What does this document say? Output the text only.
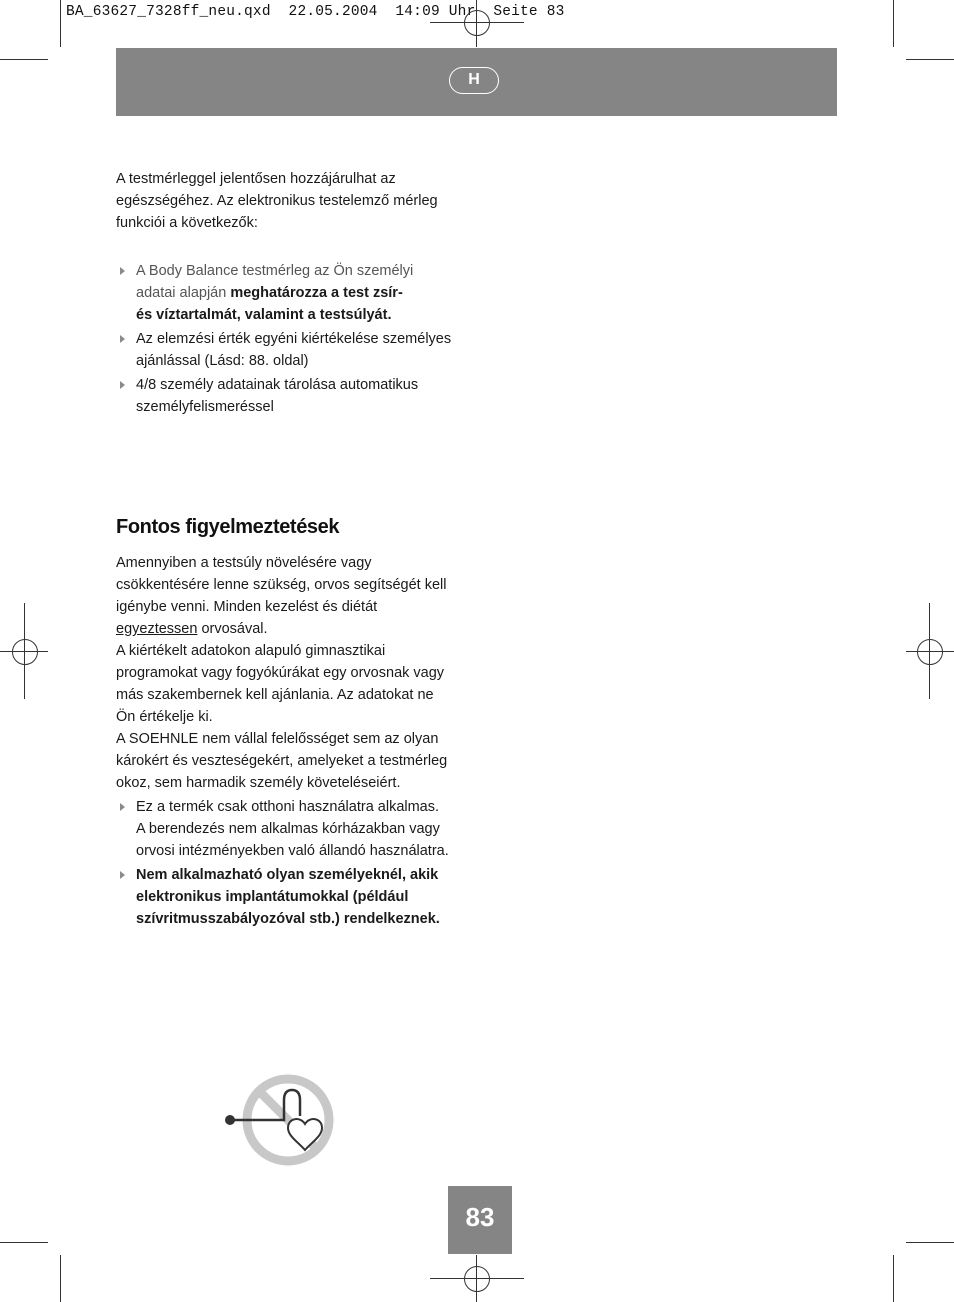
BA_63627_7328ff_neu.qxd 22.05.2004 14:09 Uhr Seite 83
H
A testmérleggel jelentősen hozzájárulhat az
egészségéhez. Az elektronikus testelemző mérleg
funkciói a következők:
A Body Balance testmérleg az Ön személyi
adatai alapján meghatározza a test zsír-
és víztartalmát, valamint a testsúlyát.
Az elemzési érték egyéni kiértékelése személyes
ajánlással (Lásd: 88. oldal)
4/8 személy adatainak tárolása automatikus
személyfelismeréssel
Fontos figyelmeztetések
Amennyiben a testsúly növelésére vagy
csökkentésére lenne szükség, orvos segítségét kell
igénybe venni. Minden kezelést és diétát
egyeztessen orvosával.
A kiértékelt adatokon alapuló gimnasztikai
programokat vagy fogyókúrákat egy orvosnak vagy
más szakembernek kell ajánlania. Az adatokat ne
Ön értékelje ki.
A SOEHNLE nem vállal felelősséget sem az olyan
károkért és veszteségekért, amelyeket a testmérleg
okoz, sem harmadik személy követeléseiért.
Ez a termék csak otthoni használatra alkalmas.
A berendezés nem alkalmas kórházakban vagy
orvosi intézményekben való állandó használatra.
Nem alkalmazható olyan személyeknél, akik
elektronikus implantátumokkal (például
szívritmusszabályozóval stb.) rendelkeznek.
83
